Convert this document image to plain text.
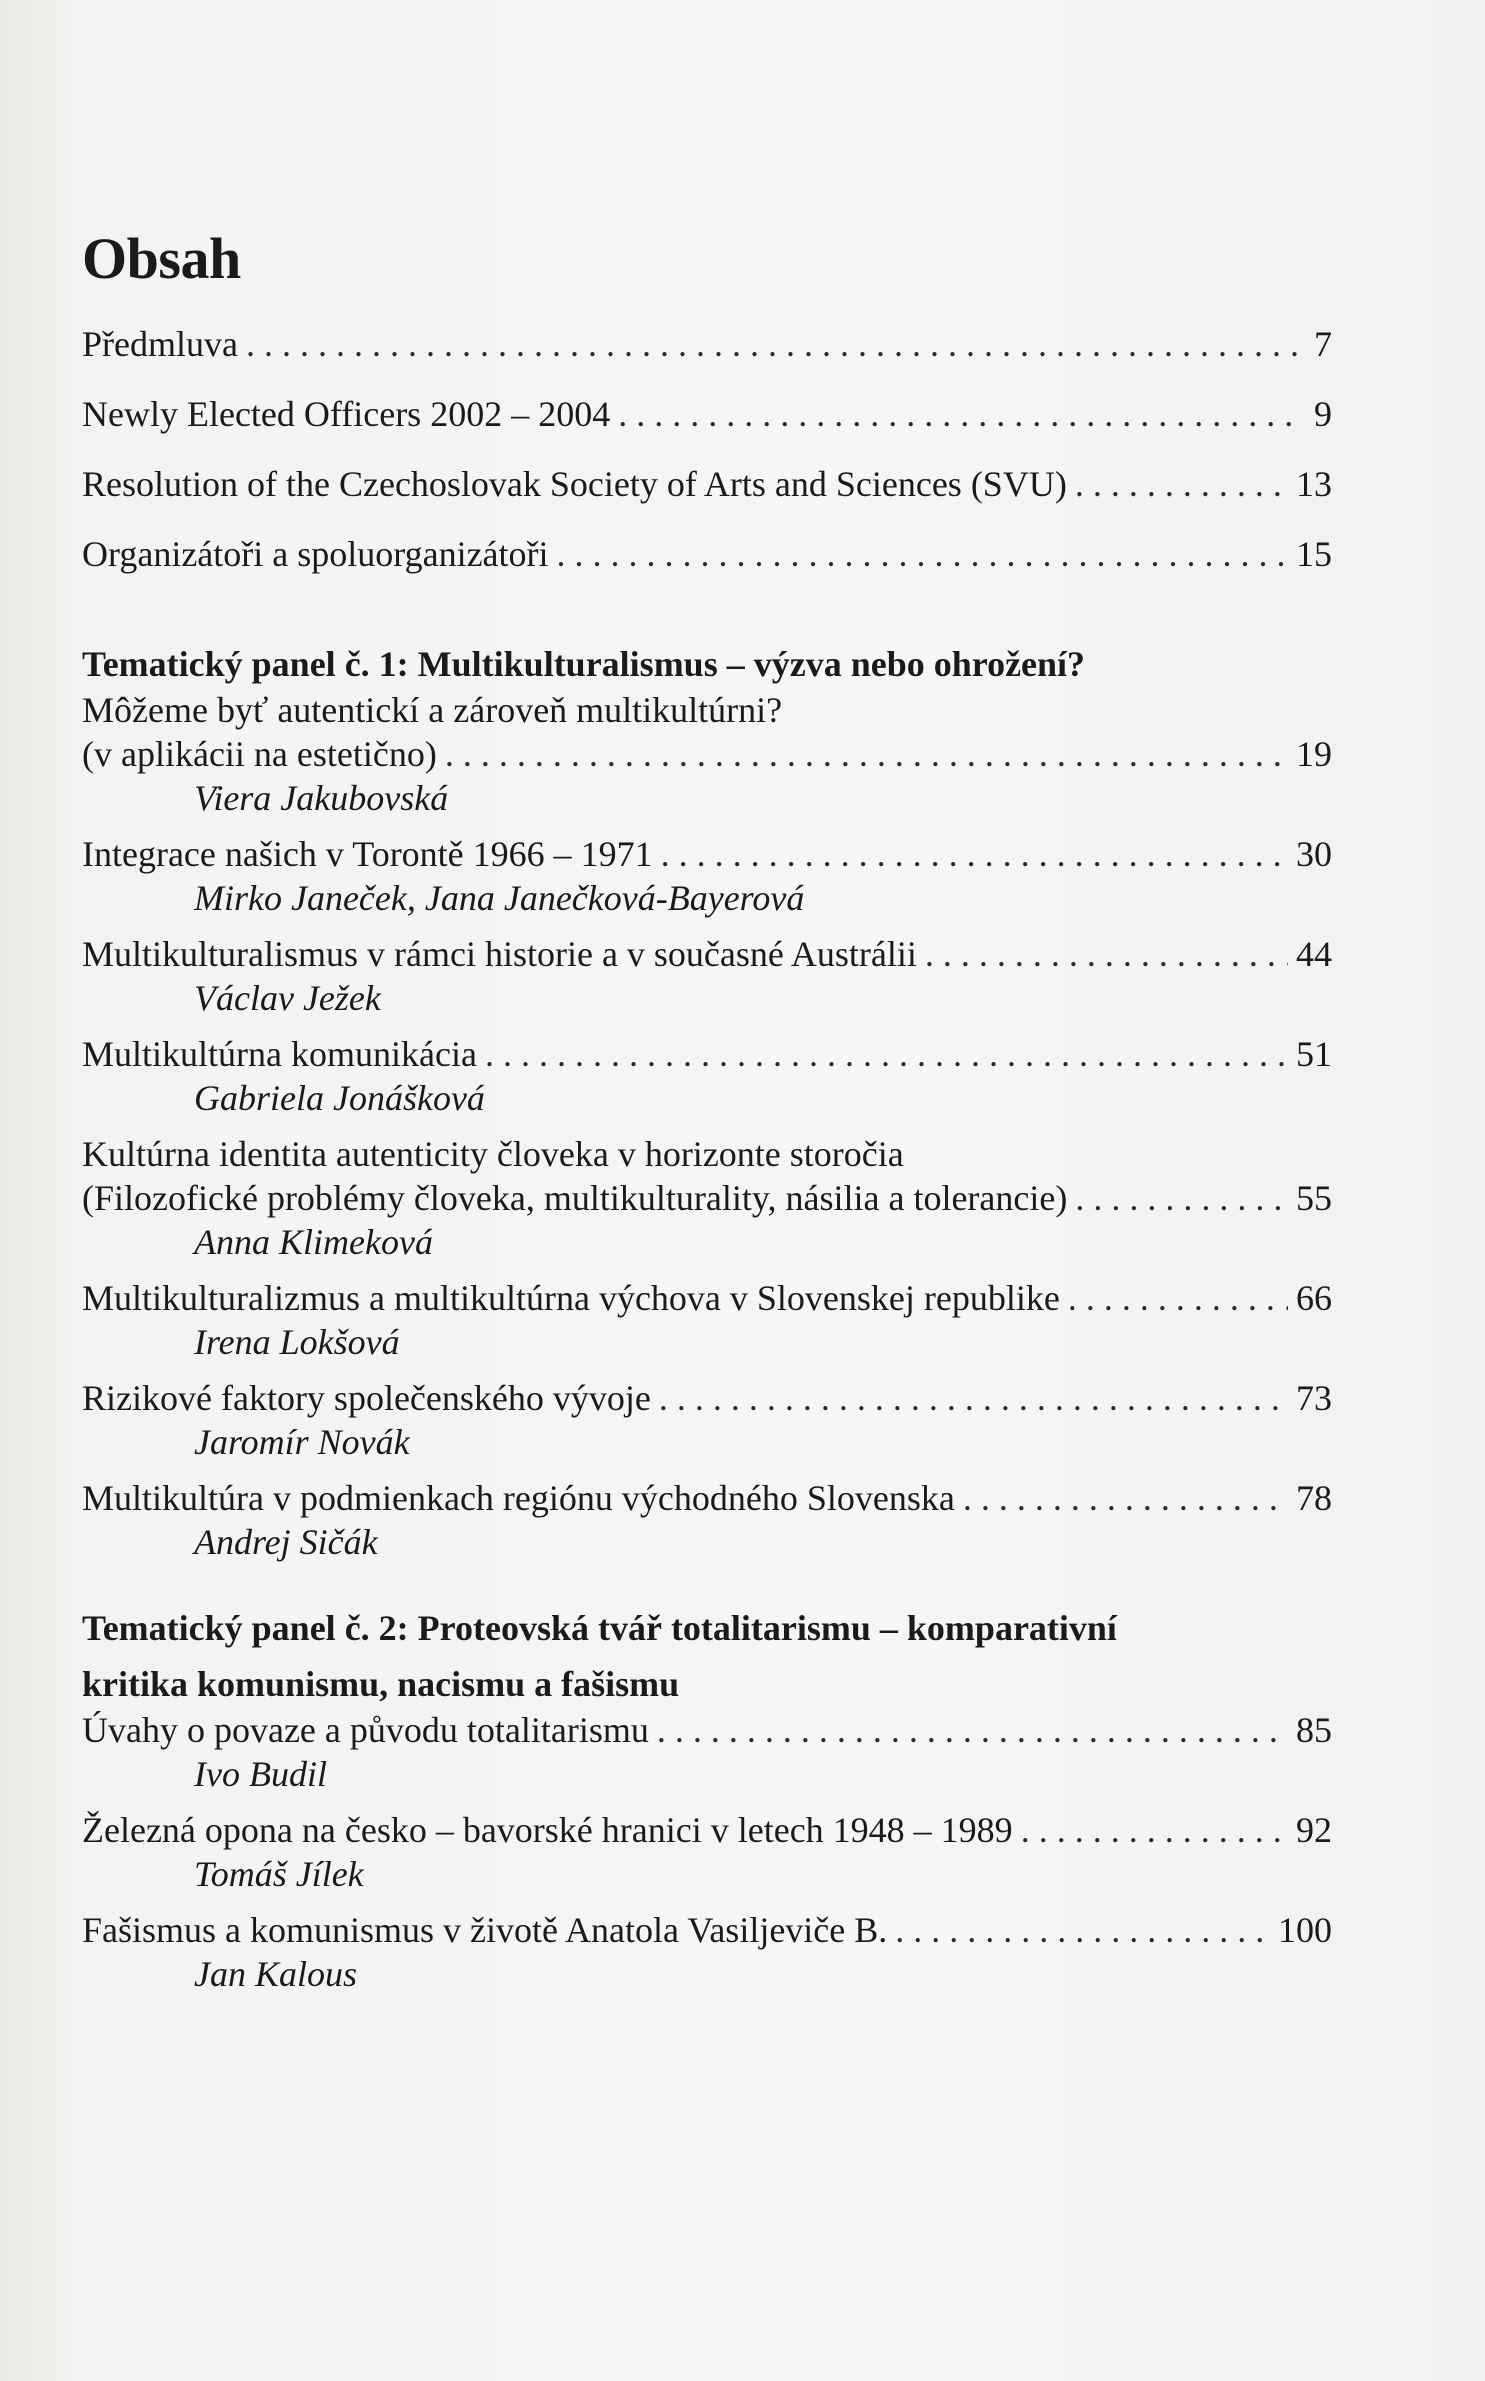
Obsah
Předmluva . . .	7
Newly Elected Officers 2002 – 2004 . . .	9
Resolution of the Czechoslovak Society of Arts and Sciences (SVU) . . .	13
Organizátoři a spoluorganizátoři . . .	15
Tematický panel č. 1: Multikulturalismus – výzva nebo ohrožení?
Môžeme byť autentickí a zároveň multikultúrni?
(v aplikácii na estetično) . . .	19
Viera Jakubovská
Integrace našich v Torontě 1966 – 1971 . . .	30
Mirko Janeček, Jana Janečková-Bayerová
Multikulturalismus v rámci historie a v současné Austrálii . . .	44
Václav Ježek
Multikultúrna komunikácia . . .	51
Gabriela Jonášková
Kultúrna identita autenticity človeka v horizonte storočia
(Filozofické problémy človeka, multikulturality, násilia a tolerancie) . . .	55
Anna Klimeková
Multikulturalizmus a multikultúrna výchova v Slovenskej republike . . .	66
Irena Lokšová
Rizikové faktory společenského vývoje . . .	73
Jaromír Novák
Multikultúra v podmienkach regiónu východného Slovenska . . .	78
Andrej Sičák
Tematický panel č. 2: Proteovská tvář totalitarismu – komparativní
kritika komunismu, nacismu a fašismu
Úvahy o povaze a původu totalitarismu . . .	85
Ivo Budil
Železná opona na česko – bavorské hranici v letech 1948 – 1989 . . .	92
Tomáš Jílek
Fašismus a komunismus v životě Anatola Vasiljeviče B. . . .	100
Jan Kalous
